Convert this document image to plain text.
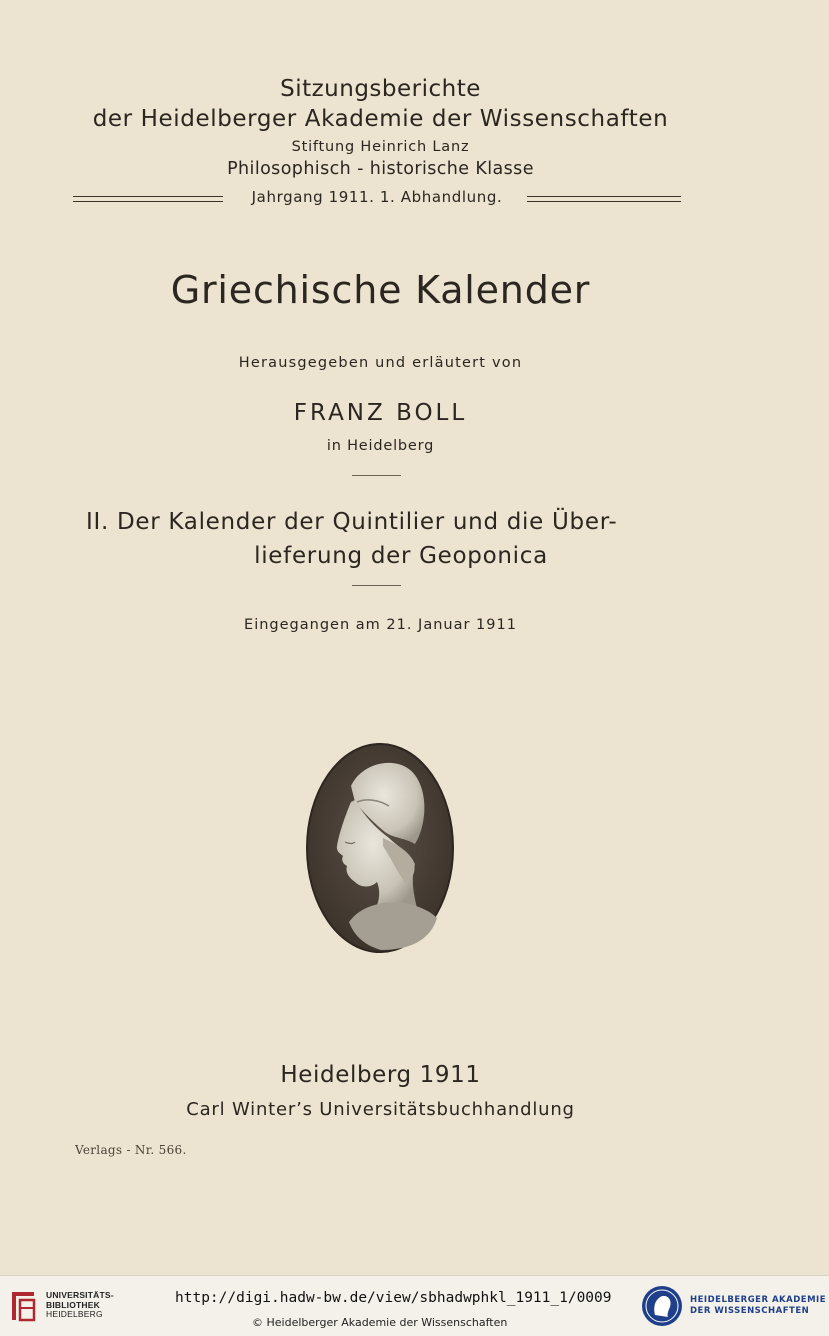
Sitzungsberichte
der Heidelberger Akademie der Wissenschaften
Stiftung Heinrich Lanz
Philosophisch - historische Klasse
Jahrgang 1911. 1. Abhandlung.
Griechische Kalender
Herausgegeben und erläutert von
FRANZ BOLL
in Heidelberg
II. Der Kalender der Quintilier und die Über-
lieferung der Geoponica
Eingegangen am 21. Januar 1911
Heidelberg 1911
Carl Winter’s Universitätsbuchhandlung
Verlags - Nr. 566.
UNIVERSITÄTS-
BIBLIOTHEK
HEIDELBERG
http://digi.hadw-bw.de/view/sbhadwphkl_1911_1/0009
© Heidelberger Akademie der Wissenschaften
HEIDELBERGER AKADEMIE
DER WISSENSCHAFTEN
